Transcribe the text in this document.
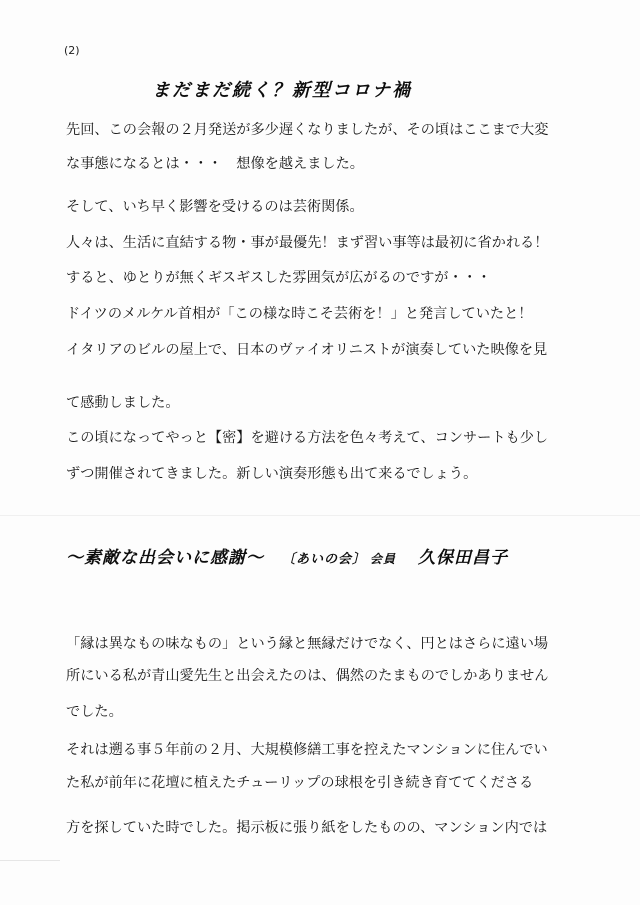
(2)
まだまだ続く？新型コロナ禍
先回、この会報の２月発送が多少遅くなりましたが、その頃はここまで大変
な事態になるとは・・・　想像を越えました。
そして、いち早く影響を受けるのは芸術関係。
人々は、生活に直結する物・事が最優先！まず習い事等は最初に省かれる！
すると、ゆとりが無くギスギスした雰囲気が広がるのですが・・・
ドイツのメルケル首相が「この様な時こそ芸術を！」と発言していたと！
イタリアのビルの屋上で、日本のヴァイオリニストが演奏していた映像を見
て感動しました。
この頃になってやっと【密】を避ける方法を色々考えて、コンサートも少し
ずつ開催されてきました。新しい演奏形態も出て来るでしょう。
～素敵な出会いに感謝～ 〔あいの会〕 会員 久保田昌子
「縁は異なもの味なもの」という縁と無縁だけでなく、円とはさらに遠い場
所にいる私が青山愛先生と出会えたのは、偶然のたまものでしかありません
でした。
それは遡る事５年前の２月、大規模修繕工事を控えたマンションに住んでい
た私が前年に花壇に植えたチューリップの球根を引き続き育ててくださる
方を探していた時でした。掲示板に張り紙をしたものの、マンション内では
